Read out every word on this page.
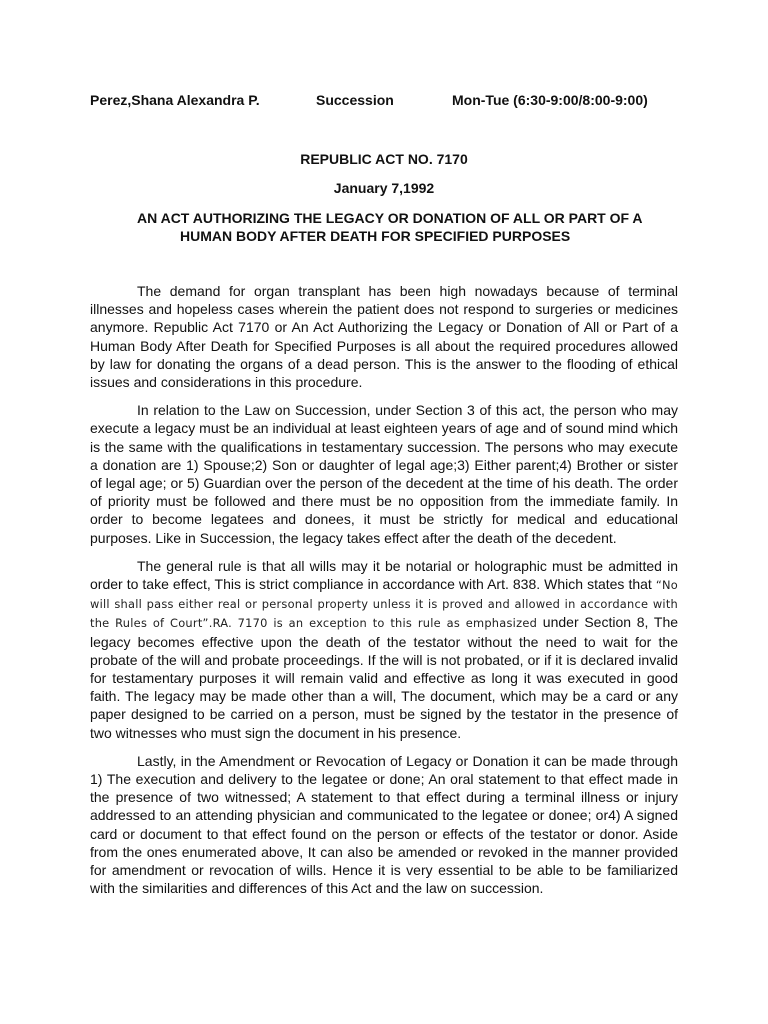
Perez,Shana Alexandra P.	Succession	Mon-Tue (6:30-9:00/8:00-9:00)
REPUBLIC ACT NO. 7170
January 7,1992
AN ACT AUTHORIZING THE LEGACY OR DONATION OF ALL OR PART OF A
HUMAN BODY AFTER DEATH FOR SPECIFIED PURPOSES

The demand for organ transplant has been high nowadays because of terminal illnesses and hopeless cases wherein the patient does not respond to surgeries or medicines anymore. Republic Act 7170 or An Act Authorizing the Legacy or Donation of All or Part of a Human Body After Death for Specified Purposes is all about the required procedures allowed by law for donating the organs of a dead person. This is the answer to the flooding of ethical issues and considerations in this procedure.

In relation to the Law on Succession, under Section 3 of this act, the person who may execute a legacy must be an individual at least eighteen years of age and of sound mind which is the same with the qualifications in testamentary succession. The persons who may execute a donation are 1) Spouse;2) Son or daughter of legal age;3) Either parent;4) Brother or sister of legal age; or 5) Guardian over the person of the decedent at the time of his death. The order of priority must be followed and there must be no opposition from the immediate family. In order to become legatees and donees, it must be strictly for medical and educational purposes. Like in Succession, the legacy takes effect after the death of the decedent.

The general rule is that all wills may it be notarial or holographic must be admitted in order to take effect, This is strict compliance in accordance with Art. 838. Which states that “No will shall pass either real or personal property unless it is proved and allowed in accordance with the Rules of Court”.RA. 7170 is an exception to this rule as emphasized under Section 8, The legacy becomes effective upon the death of the testator without the need to wait for the probate of the will and probate proceedings. If the will is not probated, or if it is declared invalid for testamentary purposes it will remain valid and effective as long it was executed in good faith. The legacy may be made other than a will, The document, which may be a card or any paper designed to be carried on a person, must be signed by the testator in the presence of two witnesses who must sign the document in his presence.

Lastly, in the Amendment or Revocation of Legacy or Donation it can be made through 1) The execution and delivery to the legatee or done; An oral statement to that effect made in the presence of two witnessed; A statement to that effect during a terminal illness or injury addressed to an attending physician and communicated to the legatee or donee; or4) A signed card or document to that effect found on the person or effects of the testator or donor. Aside from the ones enumerated above, It can also be amended or revoked in the manner provided for amendment or revocation of wills. Hence it is very essential to be able to be familiarized with the similarities and differences of this Act and the law on succession.
